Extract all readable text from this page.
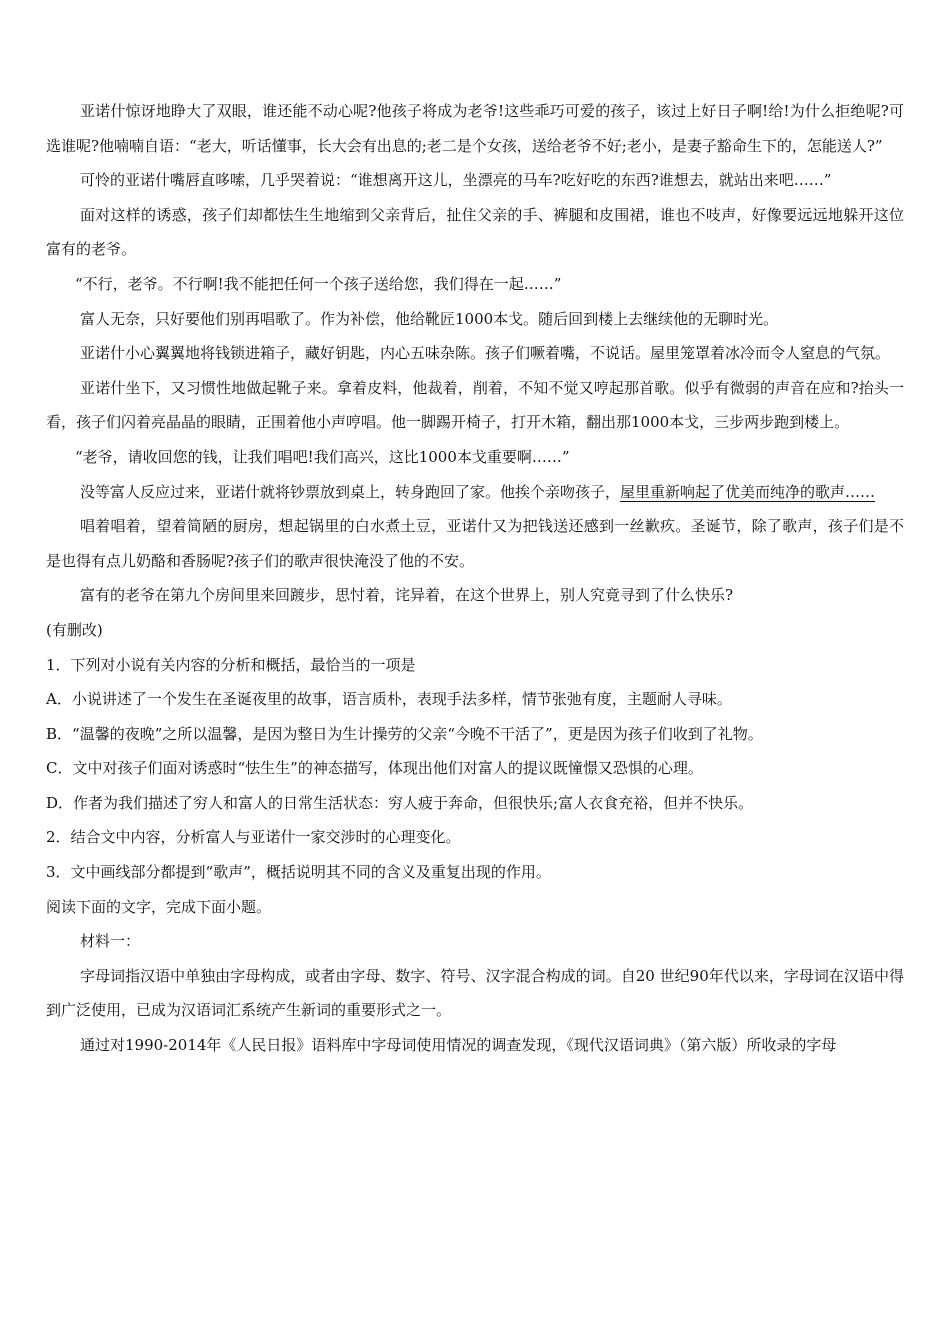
亚诺什惊讶地睁大了双眼，谁还能不动心呢?他孩子将成为老爷!这些乖巧可爱的孩子，该过上好日子啊!给!为什么拒绝呢?可选谁呢?他喃喃自语：“老大，听话懂事，长大会有出息的;老二是个女孩，送给老爷不好;老小，是妻子豁命生下的，怎能送人?”

可怜的亚诺什嘴唇直哆嗦，几乎哭着说：“谁想离开这儿，坐漂亮的马车?吃好吃的东西?谁想去，就站出来吧……”

面对这样的诱惑，孩子们却都怯生生地缩到父亲背后，扯住父亲的手、裤腿和皮围裙，谁也不吱声，好像要远远地躲开这位富有的老爷。

“不行，老爷。不行啊!我不能把任何一个孩子送给您，我们得在一起……”

富人无奈，只好要他们别再唱歌了。作为补偿，他给靴匠1000本戈。随后回到楼上去继续他的无聊时光。

亚诺什小心翼翼地将钱锁进箱子，藏好钥匙，内心五味杂陈。孩子们噘着嘴，不说话。屋里笼罩着冰冷而令人窒息的气氛。

亚诺什坐下，又习惯性地做起靴子来。拿着皮料，他裁着，削着，不知不觉又哼起那首歌。似乎有微弱的声音在应和?抬头一看，孩子们闪着亮晶晶的眼睛，正围着他小声哼唱。他一脚踢开椅子，打开木箱，翻出那1000本戈，三步两步跑到楼上。

“老爷，请收回您的钱，让我们唱吧!我们高兴，这比1000本戈重要啊……”

没等富人反应过来，亚诺什就将钞票放到桌上，转身跑回了家。他挨个亲吻孩子，屋里重新响起了优美而纯净的歌声……

唱着唱着，望着简陋的厨房，想起锅里的白水煮土豆，亚诺什又为把钱送还感到一丝歉疚。圣诞节，除了歌声，孩子们是不是也得有点儿奶酪和香肠呢?孩子们的歌声很快淹没了他的不安。

富有的老爷在第九个房间里来回踱步，思忖着，诧异着，在这个世界上，别人究竟寻到了什么快乐?

(有删改)

1．下列对小说有关内容的分析和概括，最恰当的一项是

A．小说讲述了一个发生在圣诞夜里的故事，语言质朴，表现手法多样，情节张弛有度，主题耐人寻味。

B．“温馨的夜晚”之所以温馨，是因为整日为生计操劳的父亲“今晚不干活了”，更是因为孩子们收到了礼物。

C．文中对孩子们面对诱惑时“怯生生”的神态描写，体现出他们对富人的提议既憧憬又恐惧的心理。

D．作者为我们描述了穷人和富人的日常生活状态：穷人疲于奔命，但很快乐;富人衣食充裕，但并不快乐。

2．结合文中内容，分析富人与亚诺什一家交涉时的心理变化。

3．文中画线部分都提到“歌声”，概括说明其不同的含义及重复出现的作用。

阅读下面的文字，完成下面小题。

材料一：

字母词指汉语中单独由字母构成，或者由字母、数字、符号、汉字混合构成的词。自20 世纪90年代以来，字母词在汉语中得到广泛使用，已成为汉语词汇系统产生新词的重要形式之一。

通过对1990-2014年《人民日报》语料库中字母词使用情况的调查发现，《现代汉语词典》（第六版）所收录的字母
